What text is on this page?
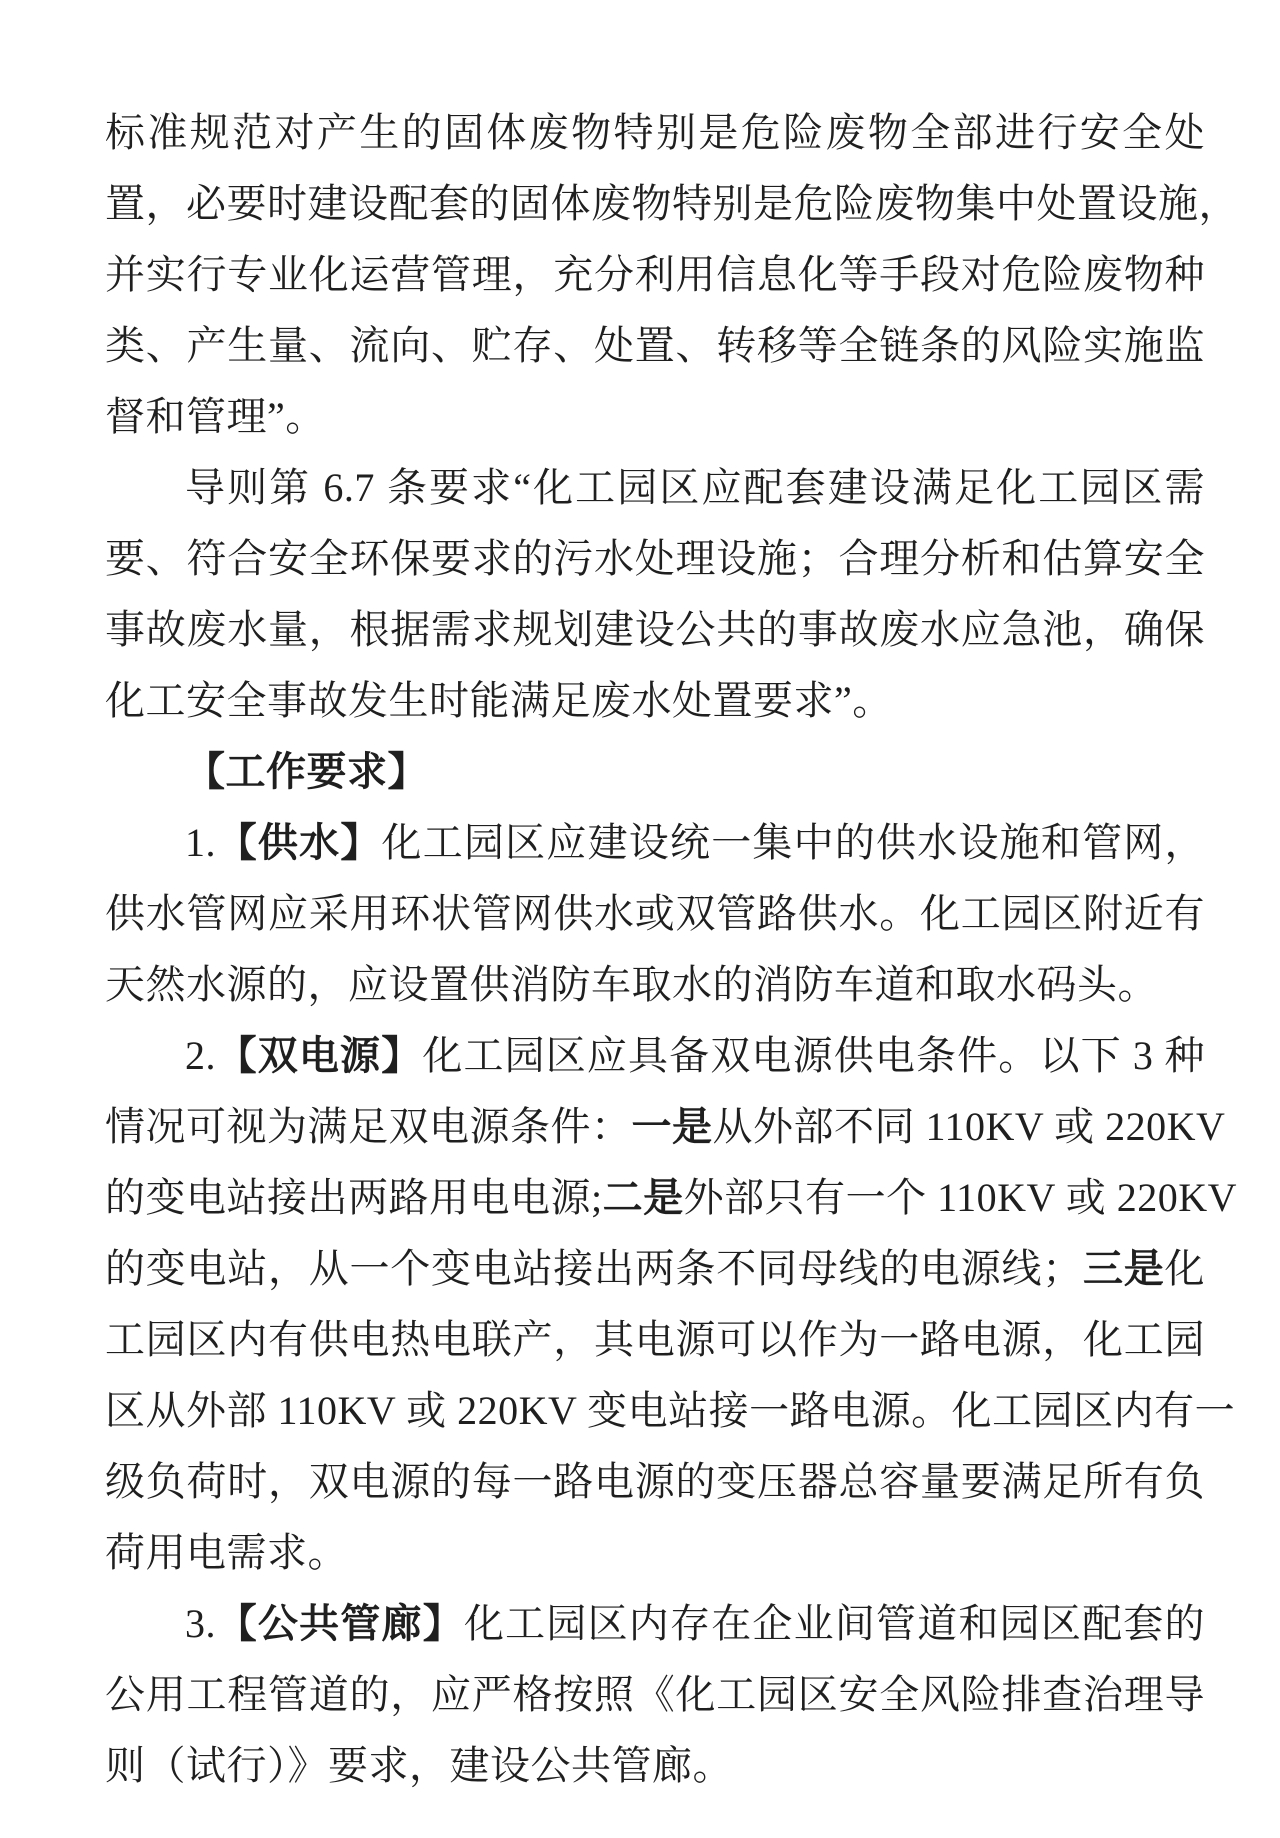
标准规范对产生的固体废物特别是危险废物全部进行安全处

置，必要时建设配套的固体废物特别是危险废物集中处置设施，

并实行专业化运营管理，充分利用信息化等手段对危险废物种

类、产生量、流向、贮存、处置、转移等全链条的风险实施监

督和管理”。

导则第 6.7 条要求“化工园区应配套建设满足化工园区需

要、符合安全环保要求的污水处理设施；合理分析和估算安全

事故废水量，根据需求规划建设公共的事故废水应急池，确保

化工安全事故发生时能满足废水处置要求”。

【工作要求】

1.【供水】化工园区应建设统一集中的供水设施和管网，

供水管网应采用环状管网供水或双管路供水。化工园区附近有

天然水源的，应设置供消防车取水的消防车道和取水码头。

2.【双电源】化工园区应具备双电源供电条件。以下 3 种

情况可视为满足双电源条件：一是从外部不同 110KV 或 220KV

的变电站接出两路用电电源;二是外部只有一个 110KV 或 220KV

的变电站，从一个变电站接出两条不同母线的电源线；三是化

工园区内有供电热电联产，其电源可以作为一路电源，化工园

区从外部 110KV 或 220KV 变电站接一路电源。化工园区内有一

级负荷时，双电源的每一路电源的变压器总容量要满足所有负

荷用电需求。

3.【公共管廊】化工园区内存在企业间管道和园区配套的

公用工程管道的，应严格按照《化工园区安全风险排查治理导

则（试行）》要求，建设公共管廊。
